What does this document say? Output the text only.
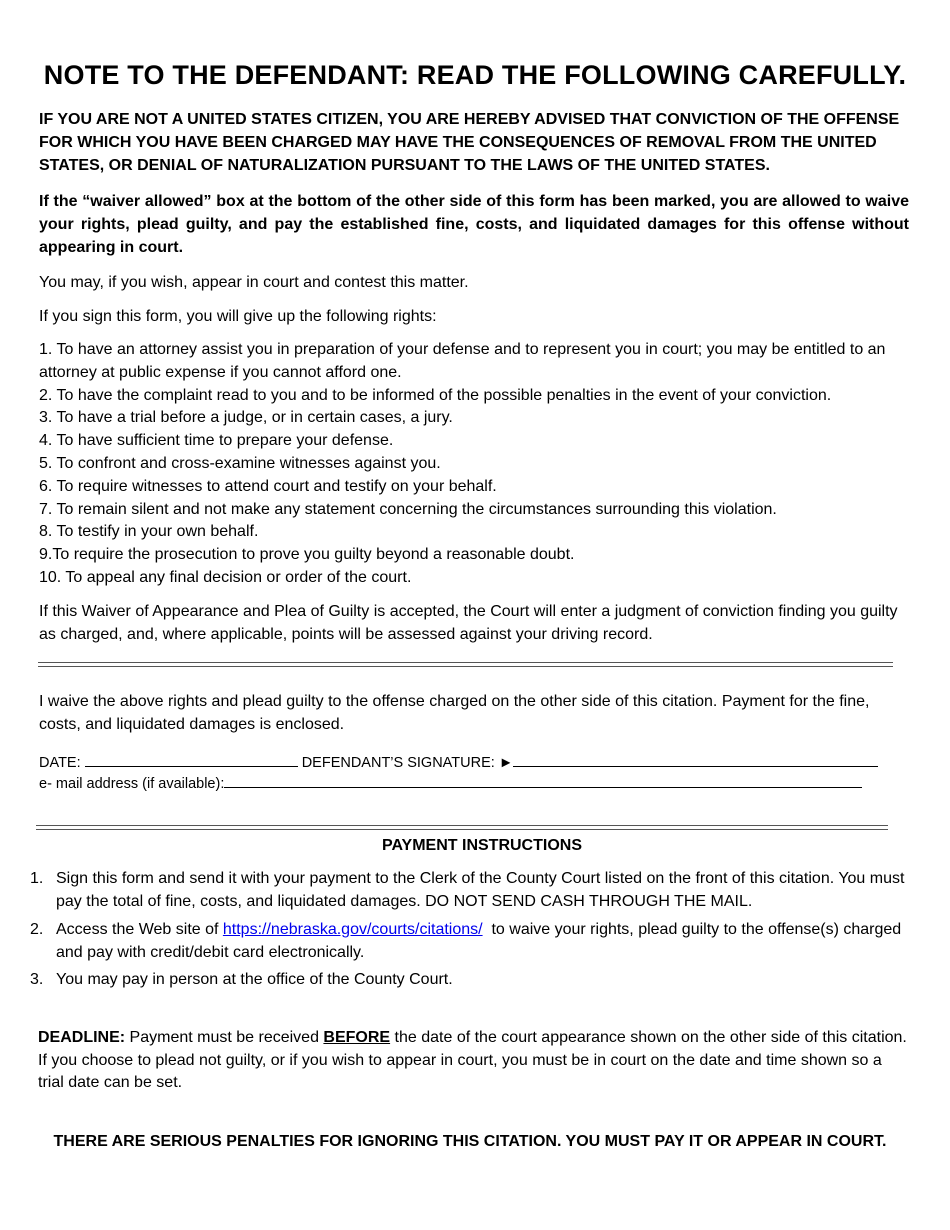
NOTE TO THE DEFENDANT: READ THE FOLLOWING CAREFULLY.

IF YOU ARE NOT A UNITED STATES CITIZEN, YOU ARE HEREBY ADVISED THAT CONVICTION OF THE OFFENSE FOR WHICH YOU HAVE BEEN CHARGED MAY HAVE THE CONSEQUENCES OF REMOVAL FROM THE UNITED STATES, OR DENIAL OF NATURALIZATION PURSUANT TO THE LAWS OF THE UNITED STATES.

If the “waiver allowed” box at the bottom of the other side of this form has been marked, you are allowed to waive your rights, plead guilty, and pay the established fine, costs, and liquidated damages for this offense without appearing in court.

You may, if you wish, appear in court and contest this matter.

If you sign this form, you will give up the following rights:

1. To have an attorney assist you in preparation of your defense and to represent you in court; you may be entitled to an attorney at public expense if you cannot afford one.
2. To have the complaint read to you and to be informed of the possible penalties in the event of your conviction.
3. To have a trial before a judge, or in certain cases, a jury.
4. To have sufficient time to prepare your defense.
5. To confront and cross-examine witnesses against you.
6. To require witnesses to attend court and testify on your behalf.
7. To remain silent and not make any statement concerning the circumstances surrounding this violation.
8. To testify in your own behalf.
9.To require the prosecution to prove you guilty beyond a reasonable doubt.
10. To appeal any final decision or order of the court.

If this Waiver of Appearance and Plea of Guilty is accepted, the Court will enter a judgment of conviction finding you guilty as charged, and, where applicable, points will be assessed against your driving record.

I waive the above rights and plead guilty to the offense charged on the other side of this citation. Payment for the fine, costs, and liquidated damages is enclosed.

DATE:	DEFENDANT’S SIGNATURE: ►
e- mail address (if available):
PAYMENT INSTRUCTIONS
1. Sign this form and send it with your payment to the Clerk of the County Court listed on the front of this citation. You must pay the total of fine, costs, and liquidated damages. DO NOT SEND CASH THROUGH THE MAIL.
2. Access the Web site of https://nebraska.gov/courts/citations/  to waive your rights, plead guilty to the offense(s) charged and pay with credit/debit card electronically.
3. You may pay in person at the office of the County Court.

DEADLINE: Payment must be received BEFORE the date of the court appearance shown on the other side of this citation. If you choose to plead not guilty, or if you wish to appear in court, you must be in court on the date and time shown so a trial date can be set.

THERE ARE SERIOUS PENALTIES FOR IGNORING THIS CITATION. YOU MUST PAY IT OR APPEAR IN COURT.
